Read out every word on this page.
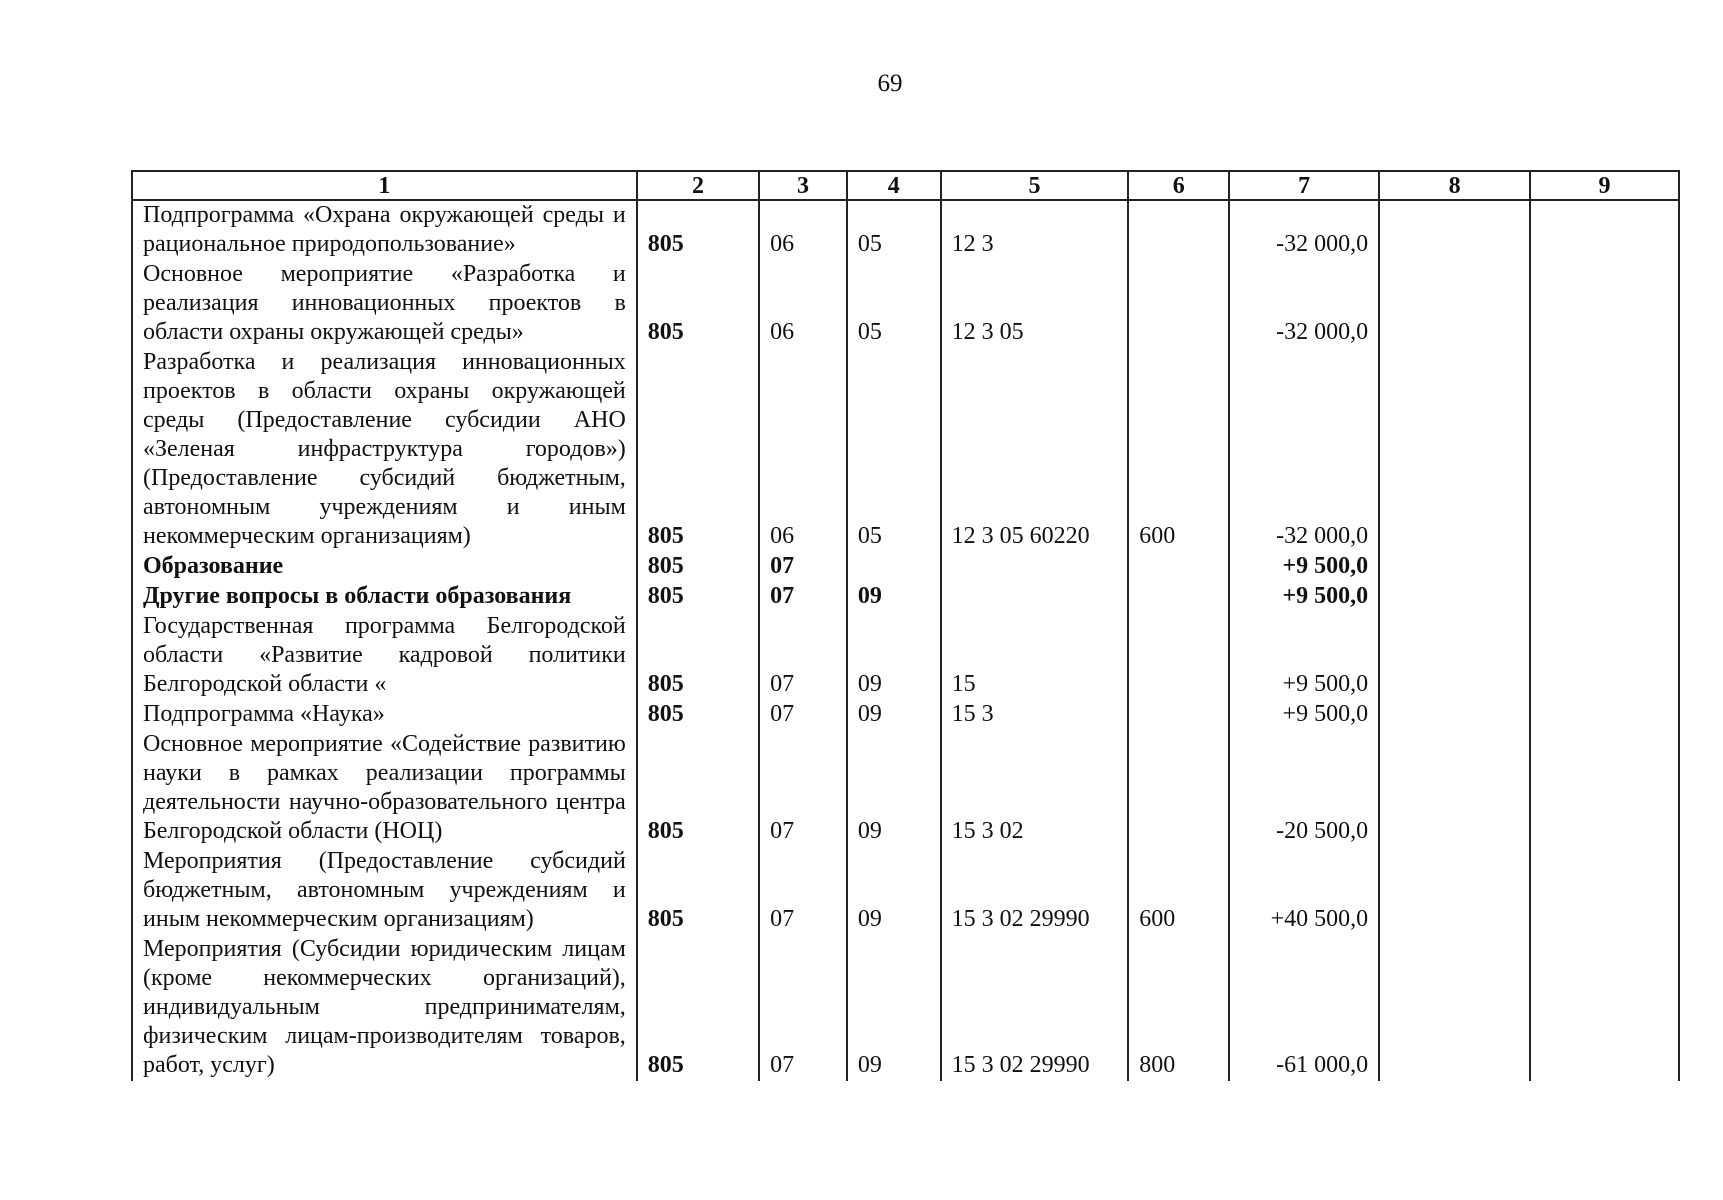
69
1	2	3	4	5	6	7	8	9
Подпрограмма «Охрана окружающей среды и рациональное природопользование»	805	06	05	12 3		-32 000,0		
Основное мероприятие «Разработка и реализация инновационных проектов в области охраны окружающей среды»	805	06	05	12 3 05		-32 000,0		
Разработка и реализация инновационных проектов в области охраны окружающей среды (Предоставление субсидии АНО «Зеленая инфраструктура городов») (Предоставление субсидий бюджетным, автономным учреждениям и иным некоммерческим организациям)	805	06	05	12 3 05 60220	600	-32 000,0		
Образование	805	07				+9 500,0		
Другие вопросы в области образования	805	07	09			+9 500,0		
Государственная программа Белгородской области «Развитие кадровой политики Белгородской области «	805	07	09	15		+9 500,0		
Подпрограмма «Наука»	805	07	09	15 3		+9 500,0		
Основное мероприятие «Содействие развитию науки в рамках реализации программы деятельности научно-образовательного центра Белгородской области (НОЦ)	805	07	09	15 3 02		-20 500,0		
Мероприятия (Предоставление субсидий бюджетным, автономным учреждениям и иным некоммерческим организациям)	805	07	09	15 3 02 29990	600	+40 500,0		
Мероприятия (Субсидии юридическим лицам (кроме некоммерческих организаций), индивидуальным предпринимателям, физическим лицам-производителям товаров, работ, услуг)	805	07	09	15 3 02 29990	800	-61 000,0		
